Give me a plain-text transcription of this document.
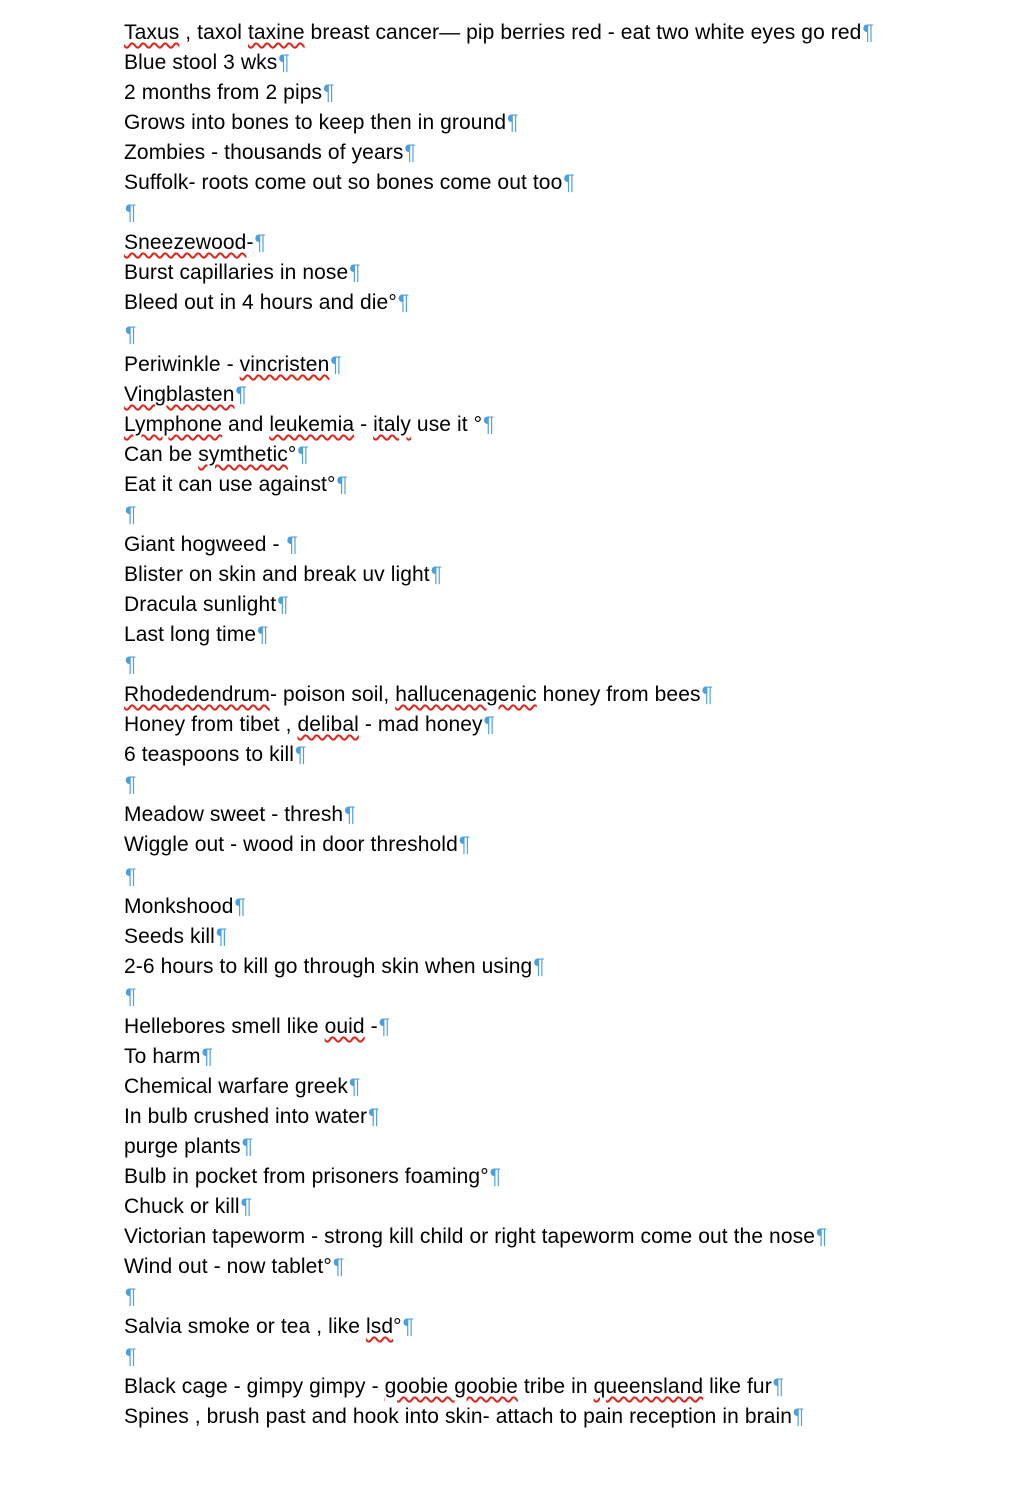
Taxus , taxol taxine breast cancer— pip berries red - eat two white eyes go red¶
Blue stool 3 wks¶
2 months from 2 pips¶
Grows into bones to keep then in ground¶
Zombies - thousands of years¶
Suffolk- roots come out so bones come out too¶
¶
Sneezewood-¶
Burst capillaries in nose¶
Bleed out in 4 hours and die°¶
¶
Periwinkle - vincristen¶
Vingblasten¶
Lymphone and leukemia - italy use it °¶
Can be symthetic°¶
Eat it can use against°¶
¶
Giant hogweed - ¶
Blister on skin and break uv light¶
Dracula sunlight¶
Last long time¶
¶
Rhodedendrum- poison soil, hallucenagenic honey from bees¶
Honey from tibet , delibal - mad honey¶
6 teaspoons to kill¶
¶
Meadow sweet - thresh¶
Wiggle out - wood in door threshold¶
¶
Monkshood¶
Seeds kill¶
2-6 hours to kill go through skin when using¶
¶
Hellebores smell like ouid -¶
To harm¶
Chemical warfare greek¶
In bulb crushed into water¶
purge plants¶
Bulb in pocket from prisoners foaming°¶
Chuck or kill¶
Victorian tapeworm - strong kill child or right tapeworm come out the nose¶
Wind out - now tablet°¶
¶
Salvia smoke or tea , like lsd°¶
¶
Black cage - gimpy gimpy - goobie goobie tribe in queensland like fur¶
Spines , brush past and hook into skin- attach to pain reception in brain¶
